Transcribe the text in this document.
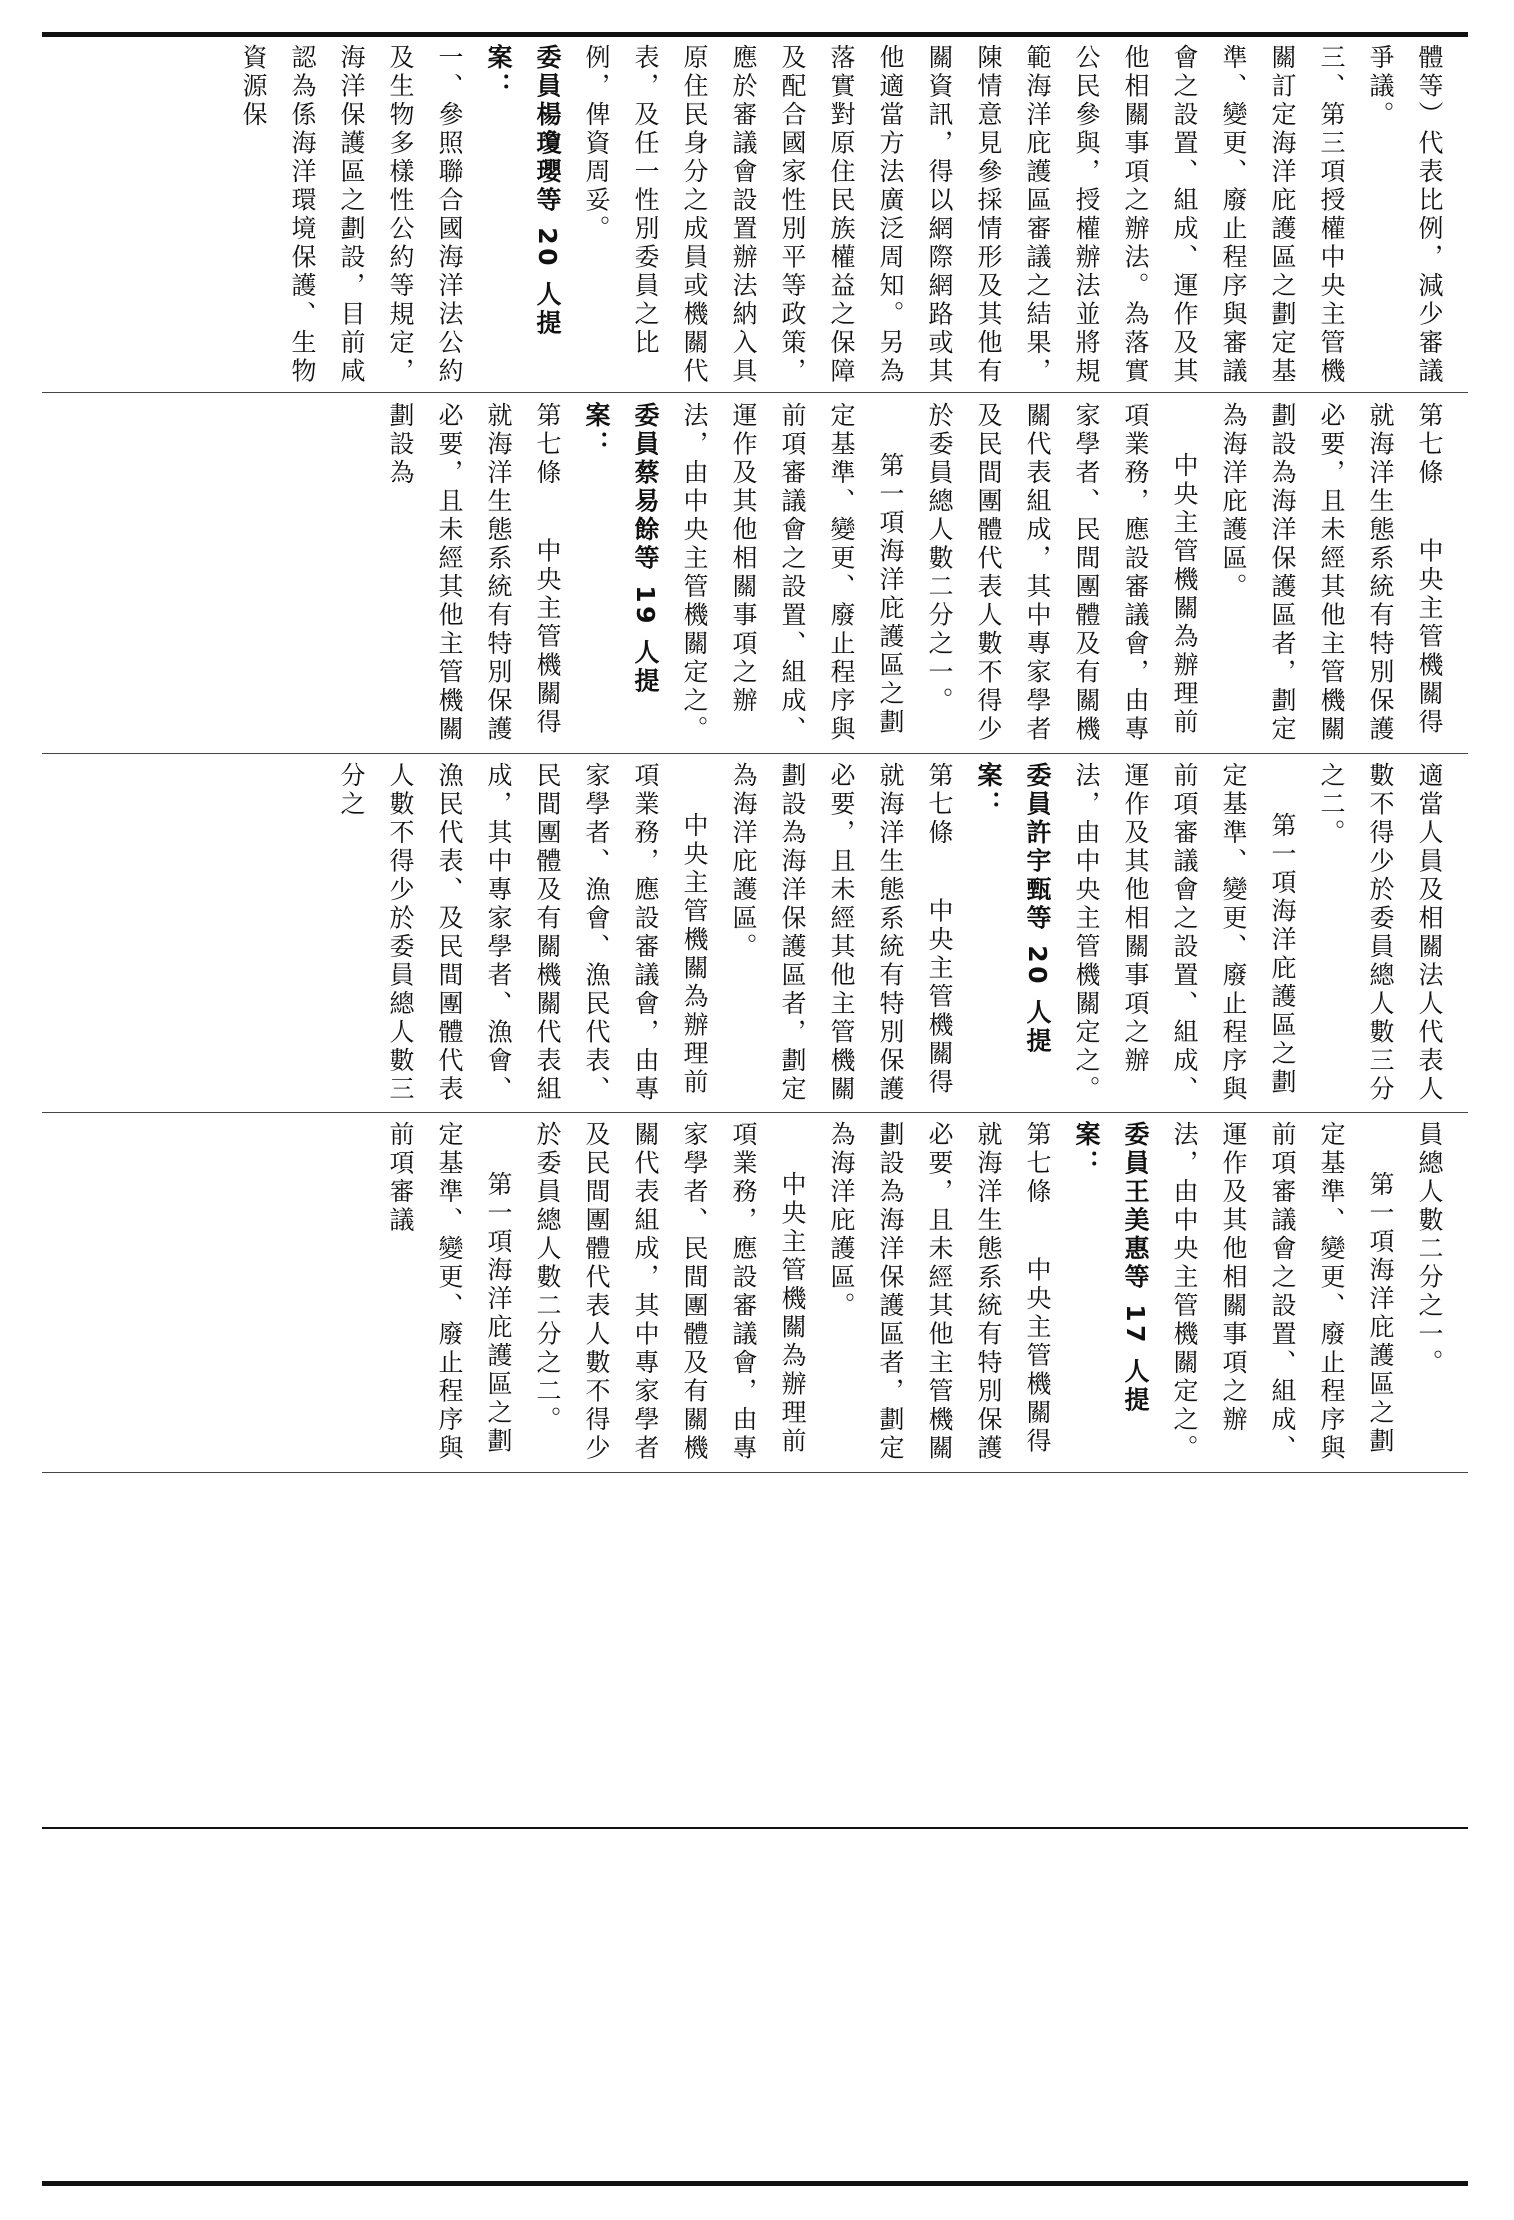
體等）代表比例，減少審議爭議。

三、第三項授權中央主管機關訂定海洋庇護區之劃定基準、變更、廢止程序與審議會之設置、組成、運作及其他相關事項之辦法。為落實公民參與，授權辦法並將規範海洋庇護區審議之結果，陳情意見參採情形及其他有關資訊，得以網際網路或其他適當方法廣泛周知。另為落實對原住民族權益之保障及配合國家性別平等政策，應於審議會設置辦法納入具原住民身分之成員或機關代表，及任一性別委員之比例，俾資周妥。

委員楊瓊瓔等 20 人提案：

一、參照聯合國海洋法公約及生物多樣性公約等規定，海洋保護區之劃設，目前咸認為係海洋環境保護、生物資源保

第七條中央主管機關得就海洋生態系統有特別保護必要，且未經其他主管機關劃設為海洋保護區者，劃定為海洋庇護區。

中央主管機關為辦理前項業務，應設審議會，由專家學者、民間團體及有關機關代表組成，其中專家學者及民間團體代表人數不得少於委員總人數二分之一。

第一項海洋庇護區之劃定基準、變更、廢止程序與前項審議會之設置、組成、運作及其他相關事項之辦法，由中央主管機關定之。

委員蔡易餘等 19 人提案：

第七條中央主管機關得就海洋生態系統有特別保護必要，且未經其他主管機關劃設為

適當人員及相關法人代表人數不得少於委員總人數三分之二。

第一項海洋庇護區之劃定基準、變更、廢止程序與前項審議會之設置、組成、運作及其他相關事項之辦法，由中央主管機關定之。

委員許宇甄等 20 人提案：

第七條中央主管機關得就海洋生態系統有特別保護必要，且未經其他主管機關劃設為海洋保護區者，劃定為海洋庇護區。

中央主管機關為辦理前項業務，應設審議會，由專家學者、漁會、漁民代表、民間團體及有關機關代表組成，其中專家學者、漁會、漁民代表、及民間團體代表人數不得少於委員總人數三分之

員總人數二分之一。

第一項海洋庇護區之劃定基準、變更、廢止程序與前項審議會之設置、組成、運作及其他相關事項之辦法，由中央主管機關定之。

委員王美惠等 17 人提案：

第七條中央主管機關得就海洋生態系統有特別保護必要，且未經其他主管機關劃設為海洋保護區者，劃定為海洋庇護區。

中央主管機關為辦理前項業務，應設審議會，由專家學者、民間團體及有關機關代表組成，其中專家學者及民間團體代表人數不得少於委員總人數二分之二。

第一項海洋庇護區之劃定基準、變更、廢止程序與前項審議
